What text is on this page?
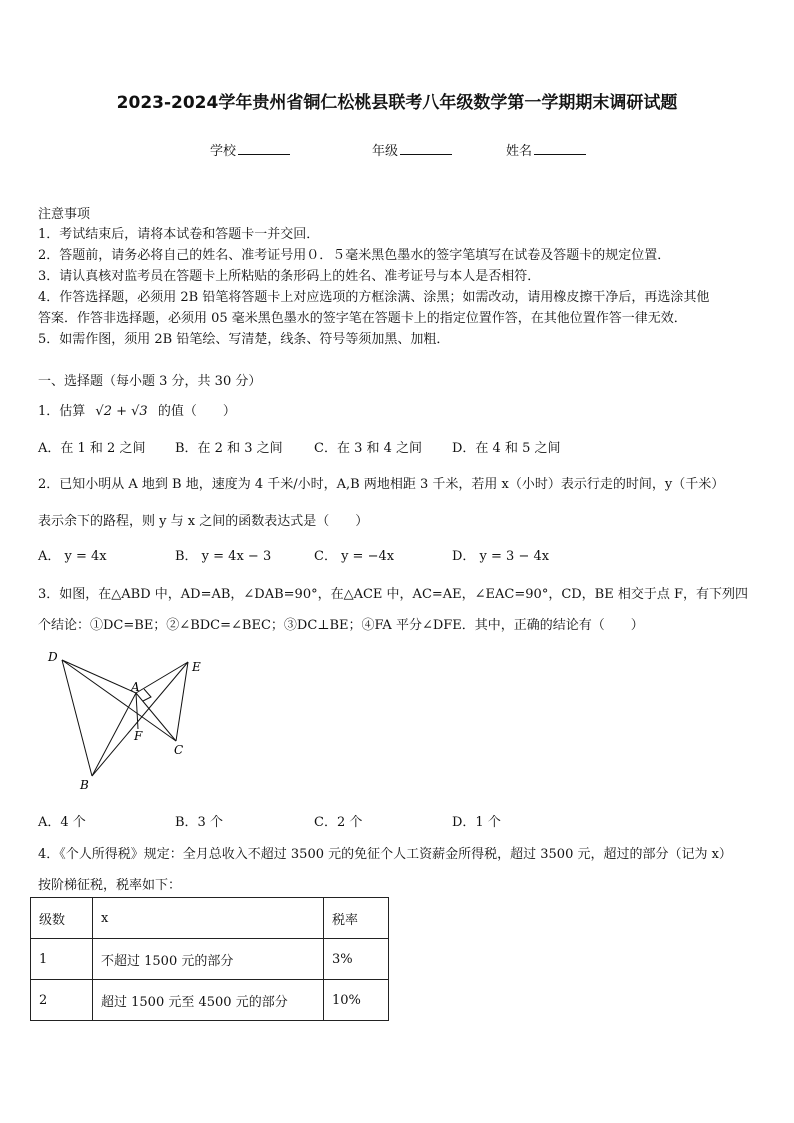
2023-2024学年贵州省铜仁松桃县联考八年级数学第一学期期末调研试题
学校	年级	姓名
注意事项
1．考试结束后，请将本试卷和答题卡一并交回．
2．答题前，请务必将自己的姓名、准考证号用０．５毫米黑色墨水的签字笔填写在试卷及答题卡的规定位置．
3．请认真核对监考员在答题卡上所粘贴的条形码上的姓名、准考证号与本人是否相符．
4．作答选择题，必须用 2B 铅笔将答题卡上对应选项的方框涂满、涂黑；如需改动，请用橡皮擦干净后，再选涂其他
答案．作答非选择题，必须用 05 毫米黑色墨水的签字笔在答题卡上的指定位置作答，在其他位置作答一律无效．
5．如需作图，须用 2B 铅笔绘、写清楚，线条、符号等须加黑、加粗．
一、选择题（每小题 3 分，共 30 分）
1．估算 √2 + √3 的值（　　）
A．在 1 和 2 之间 B．在 2 和 3 之间 C．在 3 和 4 之间 D．在 4 和 5 之间
2．已知小明从 A 地到 B 地，速度为 4 千米/小时，A,B 两地相距 3 千米，若用 x（小时）表示行走的时间，y（千米）
表示余下的路程，则 y 与 x 之间的函数表达式是（　　）
A． y = 4x	B． y = 4x − 3	C． y = −4x	D． y = 3 − 4x
3．如图，在△ABD 中，AD=AB，∠DAB=90°，在△ACE 中，AC=AE，∠EAC=90°，CD，BE 相交于点 F，有下列四
个结论：①DC=BE；②∠BDC=∠BEC；③DC⊥BE；④FA 平分∠DFE．其中，正确的结论有（　　）
D
E
A
F
C
B
A．4 个	B．3 个	C．2 个	D．1 个
4．《个人所得税》规定：全月总收入不超过 3500 元的免征个人工资薪金所得税，超过 3500 元，超过的部分（记为 x）
按阶梯征税，税率如下：
级数	x	税率
1	不超过 1500 元的部分	3%
2	超过 1500 元至 4500 元的部分	10%
